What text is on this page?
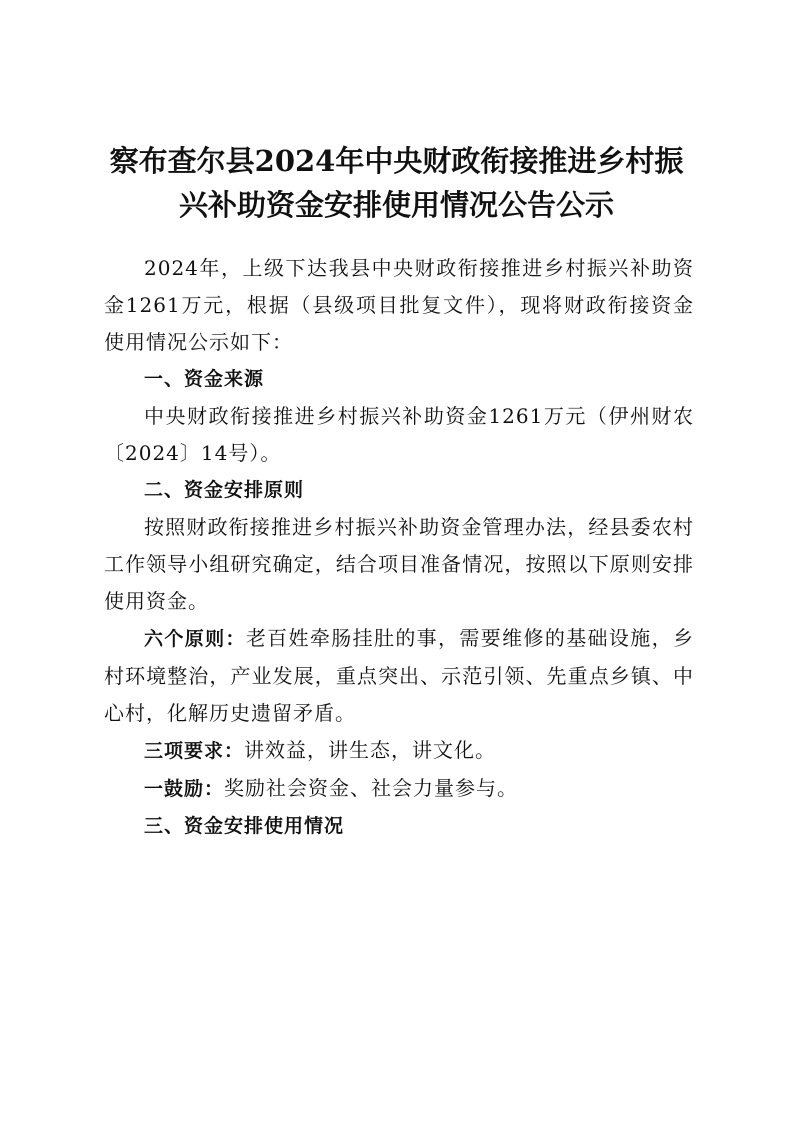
察布查尔县2024年中央财政衔接推进乡村振
兴补助资金安排使用情况公告公示

2024年，上级下达我县中央财政衔接推进乡村振兴补助资金1261万元，根据（县级项目批复文件），现将财政衔接资金使用情况公示如下：

一、资金来源

中央财政衔接推进乡村振兴补助资金1261万元（伊州财农〔2024〕14号）。

二、资金安排原则

按照财政衔接推进乡村振兴补助资金管理办法，经县委农村工作领导小组研究确定，结合项目准备情况，按照以下原则安排使用资金。

六个原则：老百姓牵肠挂肚的事，需要维修的基础设施，乡村环境整治，产业发展，重点突出、示范引领、先重点乡镇、中心村，化解历史遗留矛盾。

三项要求：讲效益，讲生态，讲文化。

一鼓励：奖励社会资金、社会力量参与。

三、资金安排使用情况
